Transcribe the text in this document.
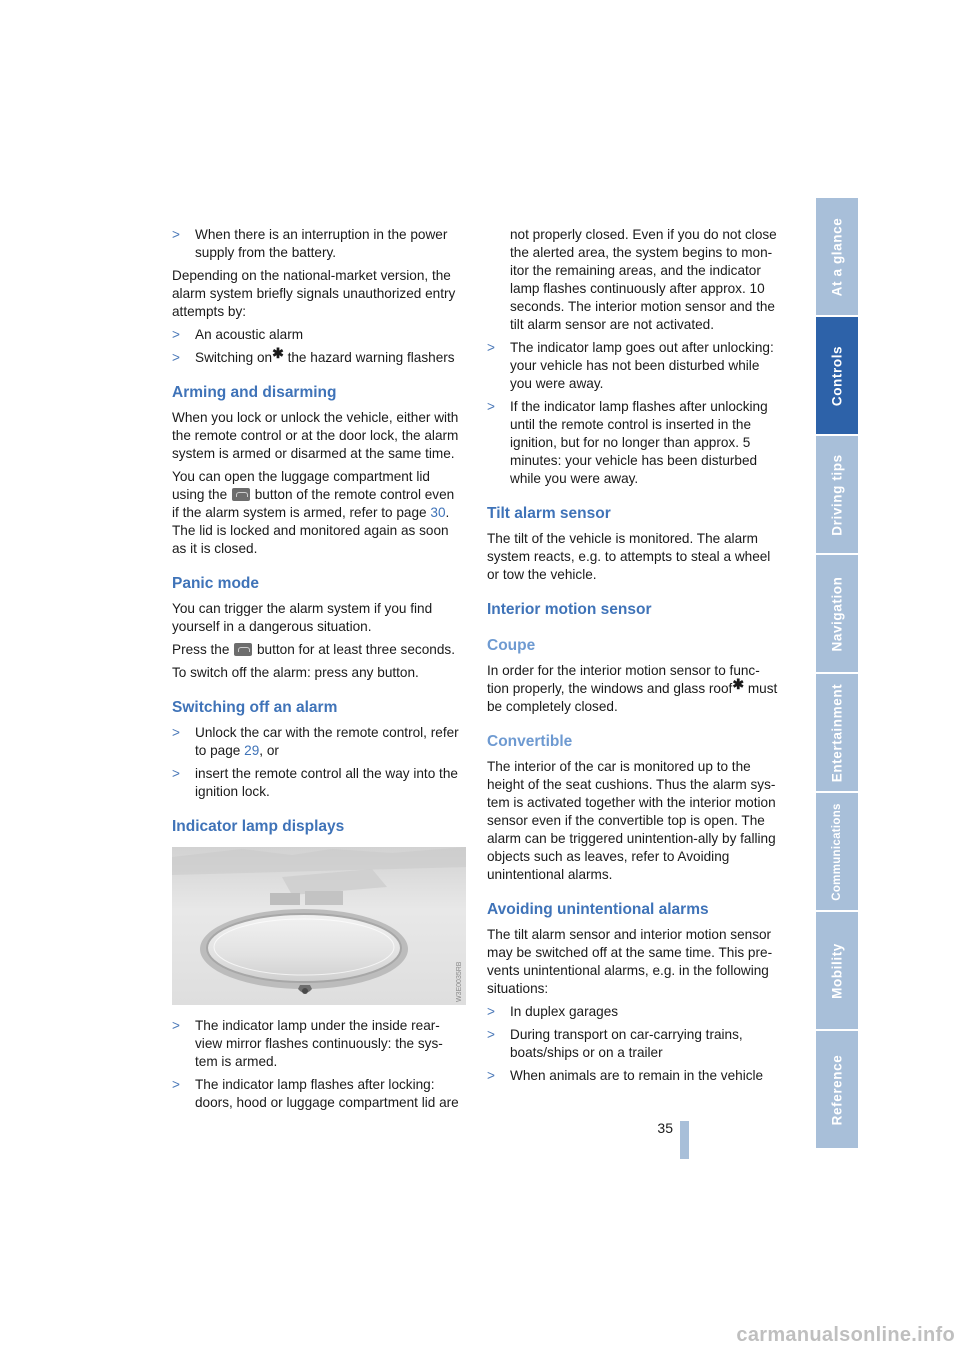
> When there is an interruption in the power supply from the battery.

Depending on the national-market version, the alarm system briefly signals unauthorized entry attempts by:

> An acoustic alarm
> Switching on✱ the hazard warning flashers
Arming and disarming

When you lock or unlock the vehicle, either with the remote control or at the door lock, the alarm system is armed or disarmed at the same time.

You can open the luggage compartment lid using the  button of the remote control even if the alarm system is armed, refer to page 30. The lid is locked and monitored again as soon as it is closed.

Panic mode

You can trigger the alarm system if you find yourself in a dangerous situation.

Press the  button for at least three seconds.

To switch off the alarm: press any button.

Switching off an alarm
> Unlock the car with the remote control, refer to page 29, or
> insert the remote control all the way into the ignition lock.
Indicator lamp displays
W3E0035RB
> The indicator lamp under the inside rear-view mirror flashes continuously: the sys-tem is armed.
> The indicator lamp flashes after locking: doors, hood or luggage compartment lid are

not properly closed. Even if you do not close the alerted area, the system begins to mon-itor the remaining areas, and the indicator lamp flashes continuously after approx. 10 seconds. The interior motion sensor and the tilt alarm sensor are not activated.

> The indicator lamp goes out after unlocking: your vehicle has not been disturbed while you were away.
> If the indicator lamp flashes after unlocking until the remote control is inserted in the ignition, but for no longer than approx. 5 minutes: your vehicle has been disturbed while you were away.
Tilt alarm sensor

The tilt of the vehicle is monitored. The alarm system reacts, e.g. to attempts to steal a wheel or tow the vehicle.

Interior motion sensor
Coupe

In order for the interior motion sensor to func-tion properly, the windows and glass roof✱ must be completely closed.

Convertible

The interior of the car is monitored up to the height of the seat cushions. Thus the alarm sys-tem is activated together with the interior motion sensor even if the convertible top is open. The alarm can be triggered unintention-ally by falling objects such as leaves, refer to Avoiding unintentional alarms.

Avoiding unintentional alarms

The tilt alarm sensor and interior motion sensor may be switched off at the same time. This pre-vents unintentional alarms, e.g. in the following situations:

> In duplex garages
> During transport on car-carrying trains, boats/ships or on a trailer
> When animals are to remain in the vehicle
At a glance
Controls
Driving tips
Navigation
Entertainment
Communications
Mobility
Reference
35
carmanualsonline.info
